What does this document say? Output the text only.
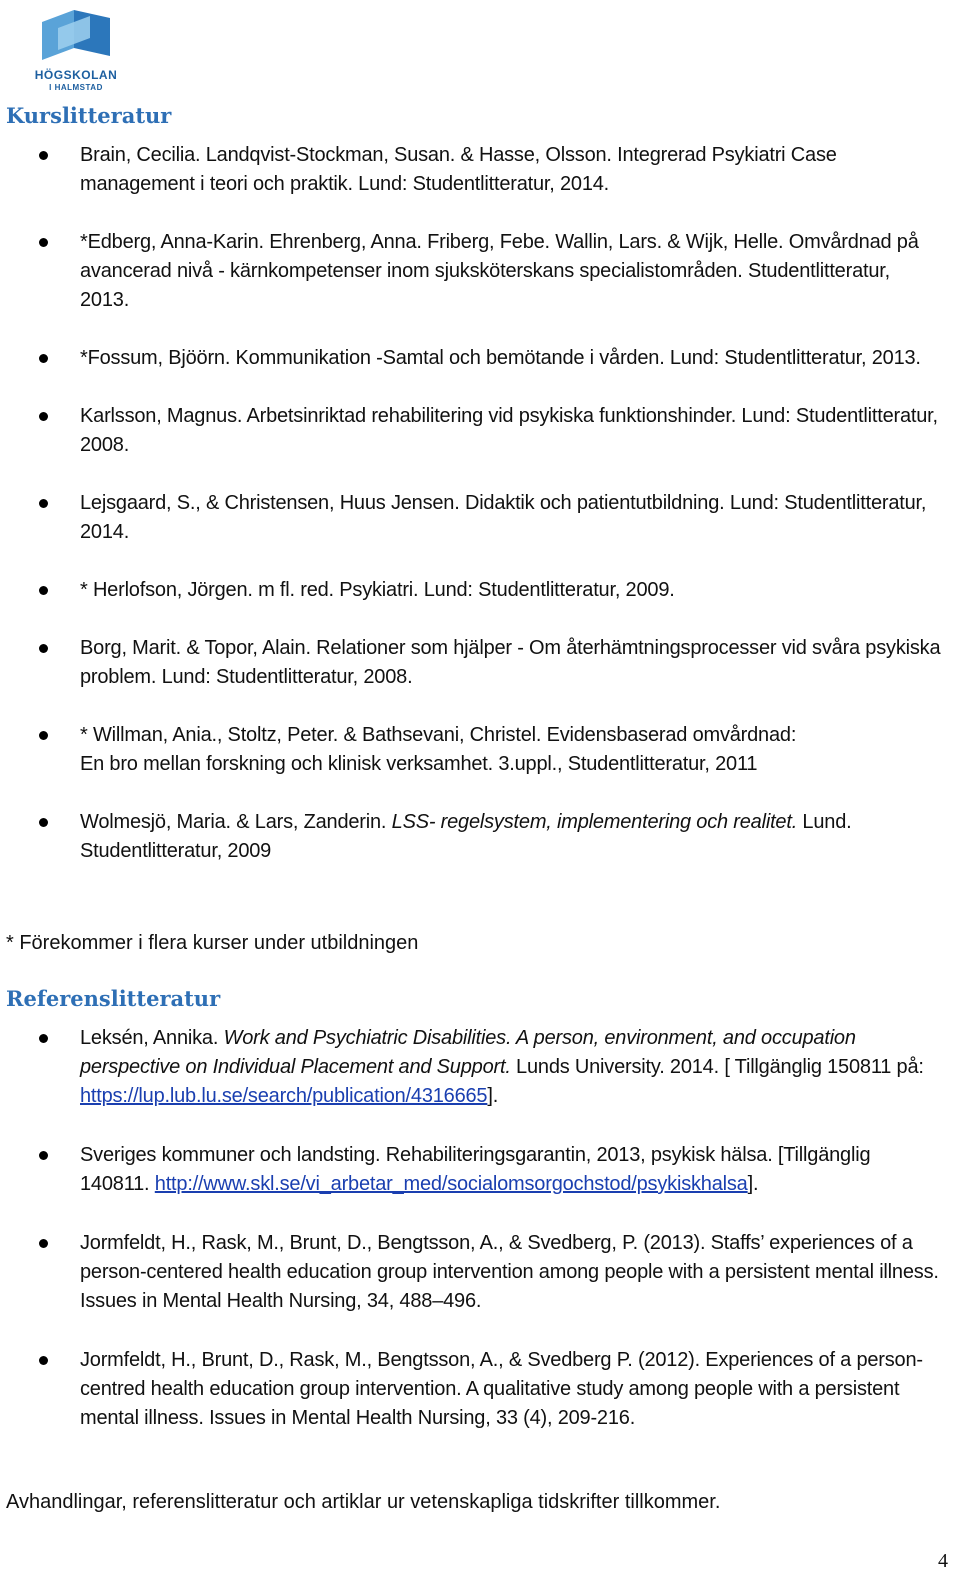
HÖGSKOLAN
I HALMSTAD
Kurslitteratur
Brain, Cecilia. Landqvist-Stockman, Susan. & Hasse, Olsson. Integrerad Psykiatri Case management i teori och praktik. Lund: Studentlitteratur, 2014.
*Edberg, Anna-Karin. Ehrenberg, Anna. Friberg, Febe. Wallin, Lars. & Wijk, Helle. Omvårdnad på avancerad nivå - kärnkompetenser inom sjuksköterskans specialistområden. Studentlitteratur, 2013.
*Fossum, Bjöörn. Kommunikation -Samtal och bemötande i vården. Lund: Studentlitteratur, 2013.
Karlsson, Magnus. Arbetsinriktad rehabilitering vid psykiska funktionshinder. Lund: Studentlitteratur, 2008.
Lejsgaard, S., & Christensen, Huus Jensen. Didaktik och patientutbildning. Lund: Studentlitteratur, 2014.
* Herlofson, Jörgen. m fl. red. Psykiatri. Lund: Studentlitteratur, 2009.
Borg, Marit. & Topor, Alain. Relationer som hjälper - Om återhämtningsprocesser vid svåra psykiska problem. Lund: Studentlitteratur, 2008.
* Willman, Ania., Stoltz, Peter. & Bathsevani, Christel. Evidensbaserad omvårdnad:
En bro mellan forskning och klinisk verksamhet. 3.uppl., Studentlitteratur, 2011
Wolmesjö, Maria. & Lars, Zanderin. LSS- regelsystem, implementering och realitet. Lund. Studentlitteratur, 2009

* Förekommer i flera kurser under utbildningen

Referenslitteratur
Leksén, Annika. Work and Psychiatric Disabilities. A person, environment, and occupation perspective on Individual Placement and Support. Lunds University. 2014. [ Tillgänglig 150811 på: https://lup.lub.lu.se/search/publication/4316665].
Sveriges kommuner och landsting. Rehabiliteringsgarantin, 2013, psykisk hälsa. [Tillgänglig 140811. http://www.skl.se/vi_arbetar_med/socialomsorgochstod/psykiskhalsa].
Jormfeldt, H., Rask, M., Brunt, D., Bengtsson, A., & Svedberg, P. (2013). Staffs’ experiences of a person-centered health education group intervention among people with a persistent mental illness. Issues in Mental Health Nursing, 34, 488–496.
Jormfeldt, H., Brunt, D., Rask, M., Bengtsson, A., & Svedberg P. (2012). Experiences of a person-centred health education group intervention. A qualitative study among people with a persistent mental illness. Issues in Mental Health Nursing, 33 (4), 209-216.

Avhandlingar, referenslitteratur och artiklar ur vetenskapliga tidskrifter tillkommer.

4
